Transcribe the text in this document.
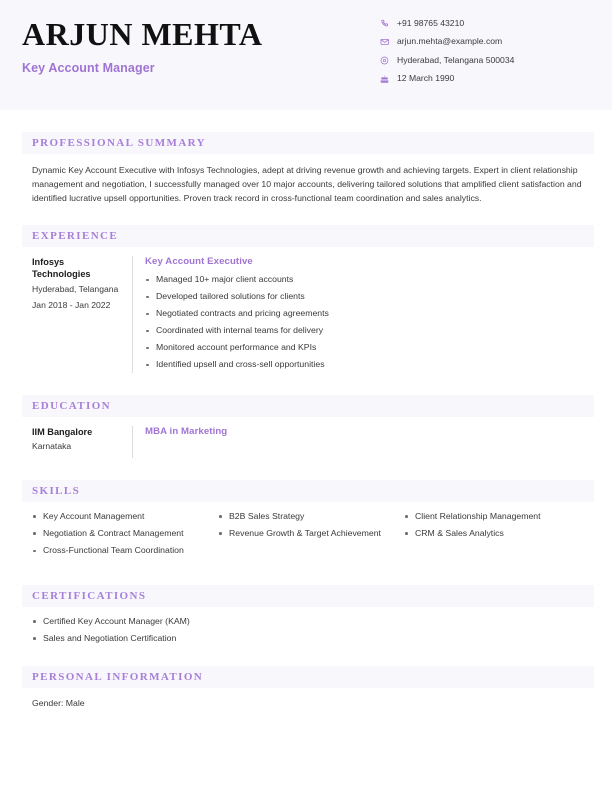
ARJUN MEHTA
Key Account Manager
+91 98765 43210
arjun.mehta@example.com
Hyderabad, Telangana 500034
12 March 1990
PROFESSIONAL SUMMARY

Dynamic Key Account Executive with Infosys Technologies, adept at driving revenue growth and achieving targets. Expert in client relationship management and negotiation, I successfully managed over 10 major accounts, delivering tailored solutions that amplified client satisfaction and identified lucrative upsell opportunities. Proven track record in cross-functional team coordination and sales analytics.

EXPERIENCE
Infosys Technologies
Hyderabad, Telangana
Jan 2018 - Jan 2022
Key Account Executive
Managed 10+ major client accounts
Developed tailored solutions for clients
Negotiated contracts and pricing agreements
Coordinated with internal teams for delivery
Monitored account performance and KPIs
Identified upsell and cross-sell opportunities
EDUCATION
IIM Bangalore
Karnataka
MBA in Marketing
SKILLS
Key Account Management
Negotiation & Contract Management
Cross-Functional Team Coordination
B2B Sales Strategy
Revenue Growth & Target Achievement
Client Relationship Management
CRM & Sales Analytics
CERTIFICATIONS
Certified Key Account Manager (KAM)
Sales and Negotiation Certification
PERSONAL INFORMATION

Gender: Male
